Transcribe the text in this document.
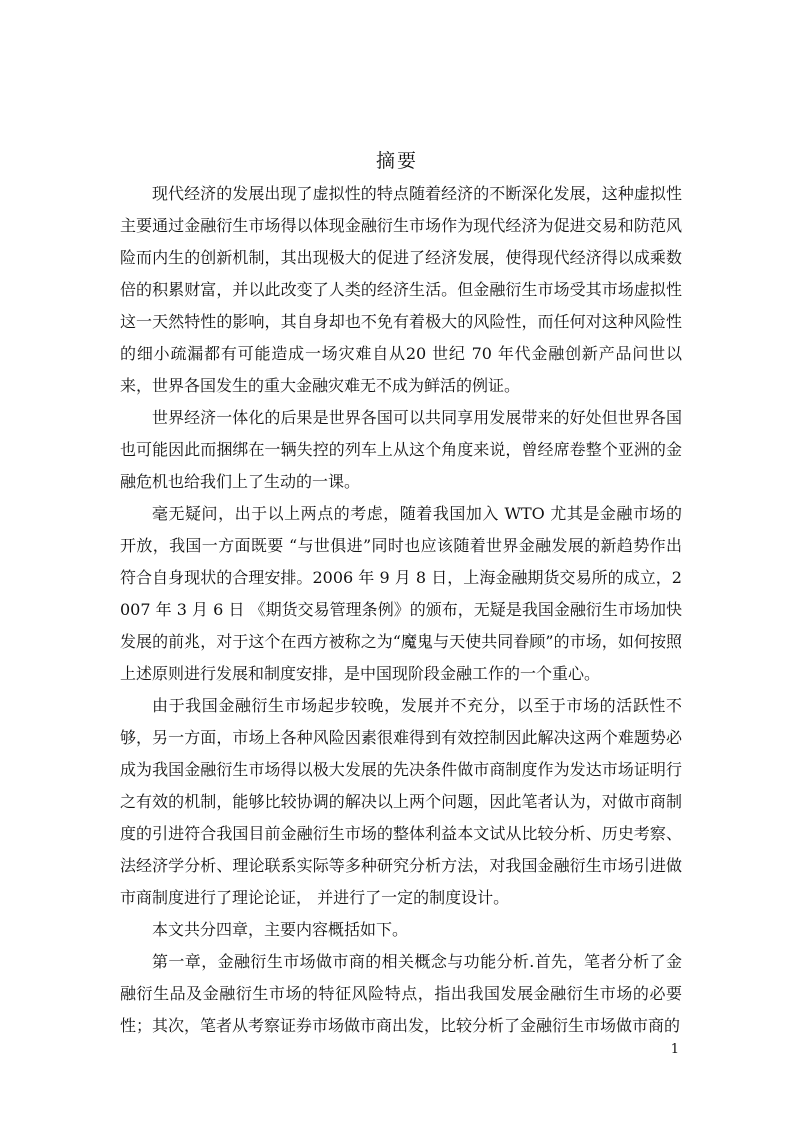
摘要

现代经济的发展出现了虚拟性的特点随着经济的不断深化发展，这种虚拟性主要通过金融衍生市场得以体现金融衍生市场作为现代经济为促进交易和防范风险而内生的创新机制，其出现极大的促进了经济发展，使得现代经济得以成乘数倍的积累财富，并以此改变了人类的经济生活。但金融衍生市场受其市场虚拟性这一天然特性的影响，其自身却也不免有着极大的风险性，而任何对这种风险性的细小疏漏都有可能造成一场灾难自从20 世纪 70 年代金融创新产品问世以来，世界各国发生的重大金融灾难无不成为鲜活的例证。

世界经济一体化的后果是世界各国可以共同享用发展带来的好处但世界各国也可能因此而捆绑在一辆失控的列车上从这个角度来说，曾经席卷整个亚洲的金融危机也给我们上了生动的一课。

毫无疑问，出于以上两点的考虑，随着我国加入 WTO 尤其是金融市场的开放，我国一方面既要 “与世俱进”同时也应该随着世界金融发展的新趋势作出符合自身现状的合理安排。2006 年 9 月 8 日，上海金融期货交易所的成立，2007 年 3 月 6 日 《期货交易管理条例》的颁布，无疑是我国金融衍生市场加快发展的前兆，对于这个在西方被称之为“魔鬼与天使共同眷顾”的市场，如何按照上述原则进行发展和制度安排，是中国现阶段金融工作的一个重心。

由于我国金融衍生市场起步较晚，发展并不充分，以至于市场的活跃性不够，另一方面，市场上各种风险因素很难得到有效控制因此解决这两个难题势必成为我国金融衍生市场得以极大发展的先决条件做市商制度作为发达市场证明行之有效的机制，能够比较协调的解决以上两个问题，因此笔者认为，对做市商制度的引进符合我国目前金融衍生市场的整体利益本文试从比较分析、历史考察、法经济学分析、理论联系实际等多种研究分析方法，对我国金融衍生市场引进做市商制度进行了理论论证， 并进行了一定的制度设计。

本文共分四章，主要内容概括如下。

第一章，金融衍生市场做市商的相关概念与功能分析.首先，笔者分析了金融衍生品及金融衍生市场的特征风险特点，指出我国发展金融衍生市场的必要性；其次，笔者从考察证券市场做市商出发，比较分析了金融衍生市场做市商的

1
